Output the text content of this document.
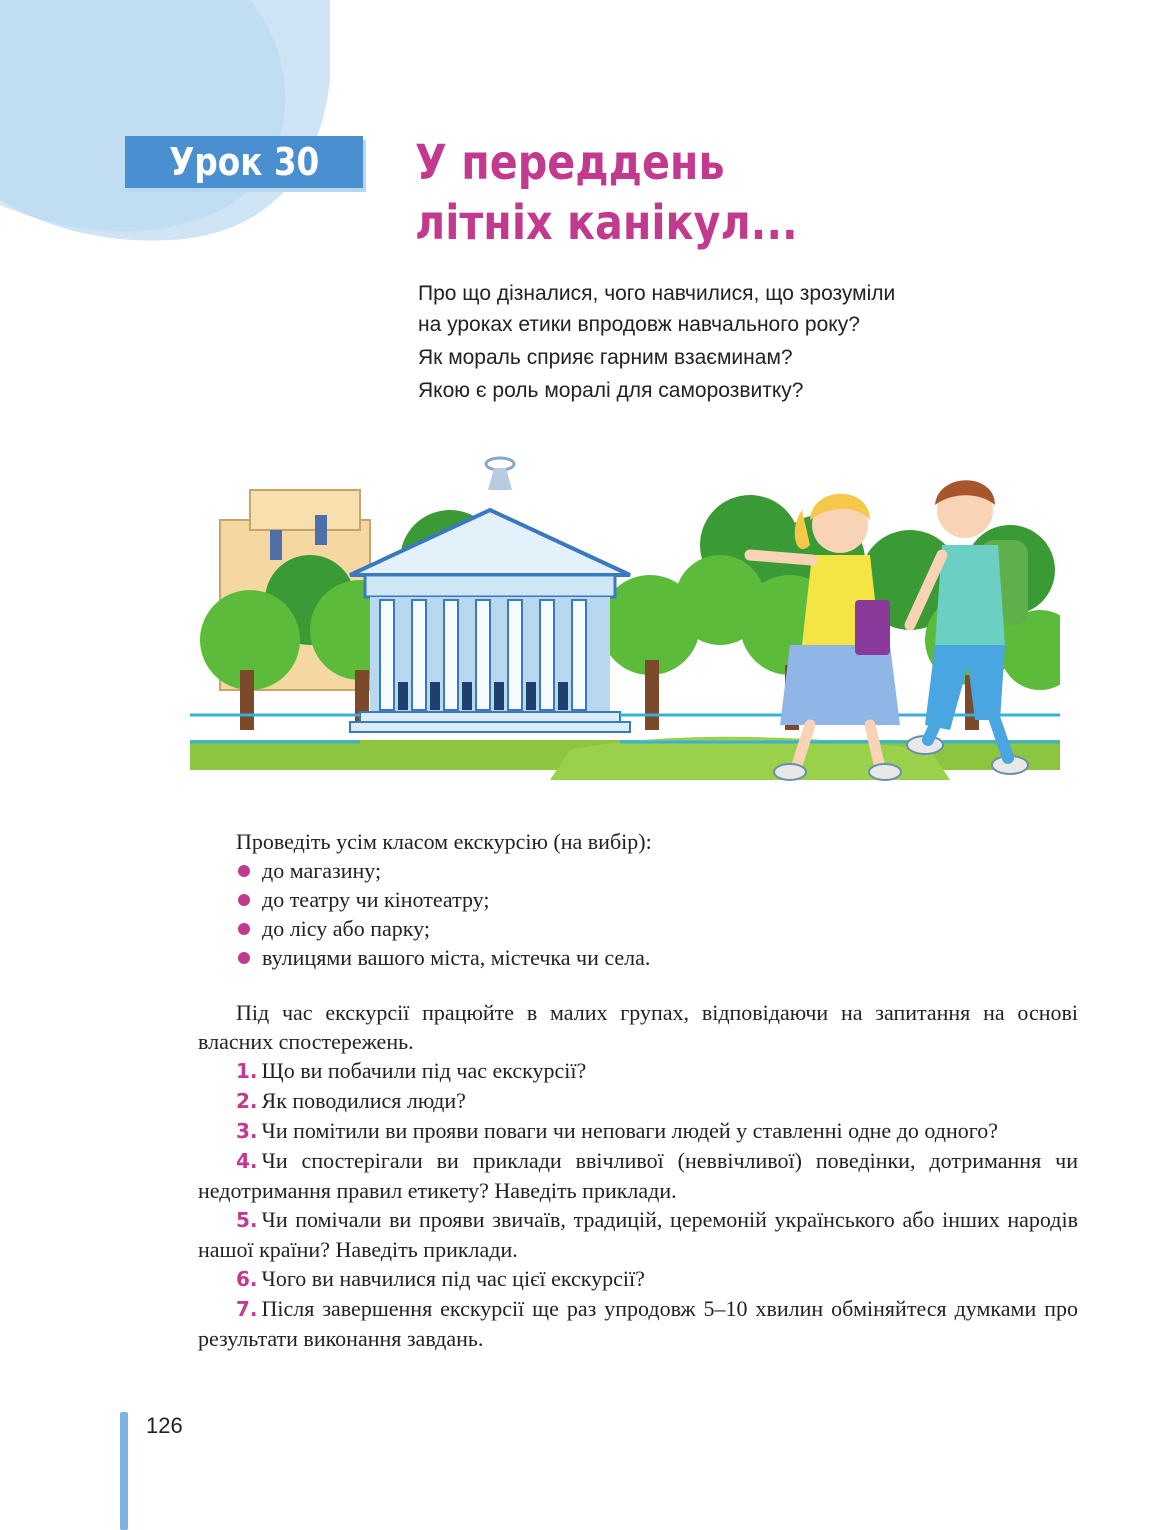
Урок 30 У переддень
літніх канікул...

Про що дізналися, чого навчилися, що зрозуміли

на уроках етики впродовж навчального року?

Як мораль сприяє гарним взаєминам?

Якою є роль моралі для саморозвитку?

Проведіть усім класом екскурсію (на вибір):

до магазину;
до театру чи кінотеатру;
до лісу або парку;
вулицями вашого міста, містечка чи села.

Під час екскурсії працюйте в малих групах, відповідаючи на запитання на основі власних спостережень.

1. Що ви побачили під час екскурсії?
2. Як поводилися люди?
3. Чи помітили ви прояви поваги чи неповаги людей у ставленні одне до одного?
4. Чи спостерігали ви приклади ввічливої (неввічливої) поведінки, дотримання чи недотримання правил етикету? Наведіть приклади.
5. Чи помічали ви прояви звичаїв, традицій, церемоній українського або інших народів нашої країни? Наведіть приклади.
6. Чого ви навчилися під час цієї екскурсії?
7. Після завершення екскурсії ще раз упродовж 5–10 хвилин обміняйтеся думками про результати виконання завдань.
126
